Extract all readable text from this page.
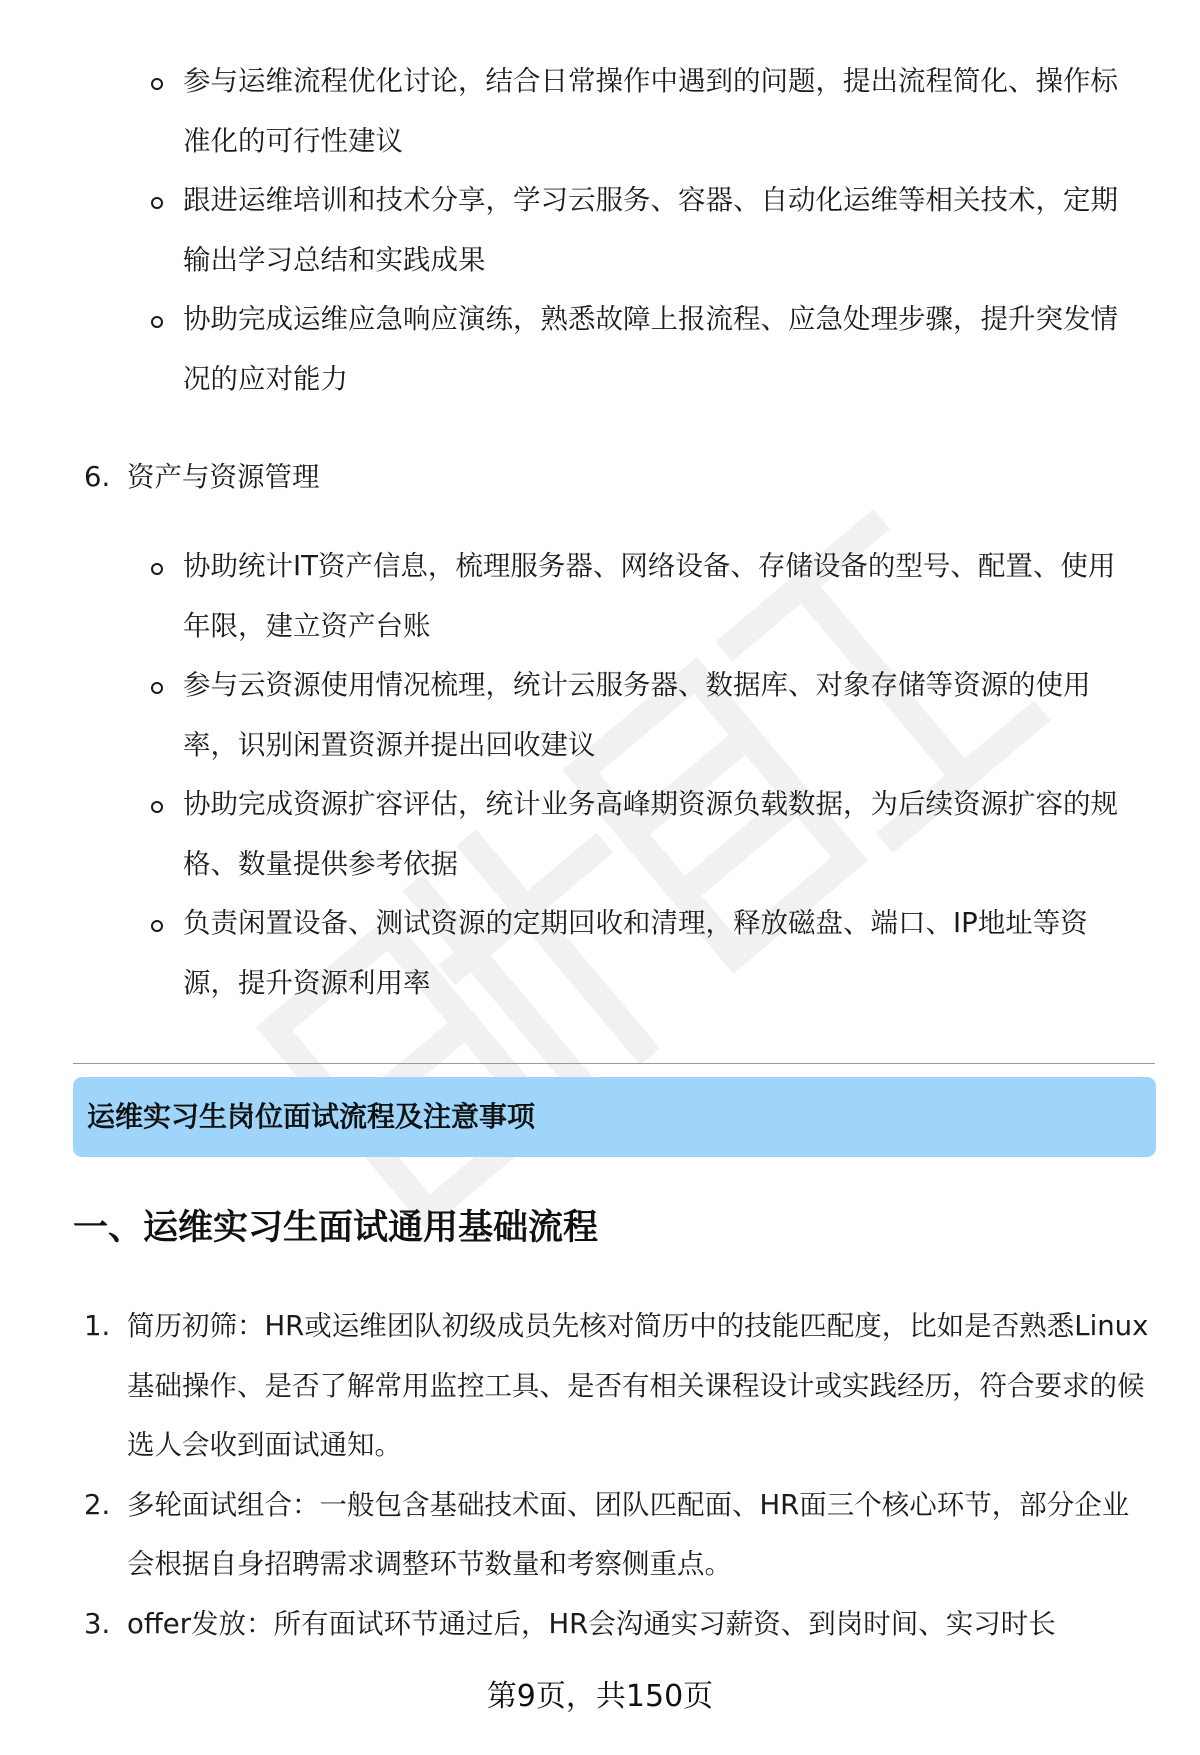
参与运维流程优化讨论，结合日常操作中遇到的问题，提出流程简化、操作标准化的可行性建议
跟进运维培训和技术分享，学习云服务、容器、自动化运维等相关技术，定期输出学习总结和实践成果
协助完成运维应急响应演练，熟悉故障上报流程、应急处理步骤，提升突发情况的应对能力
6. 资产与资源管理
协助统计IT资产信息，梳理服务器、网络设备、存储设备的型号、配置、使用年限，建立资产台账
参与云资源使用情况梳理，统计云服务器、数据库、对象存储等资源的使用率，识别闲置资源并提出回收建议
协助完成资源扩容评估，统计业务高峰期资源负载数据，为后续资源扩容的规格、数量提供参考依据
负责闲置设备、测试资源的定期回收和清理，释放磁盘、端口、IP地址等资源，提升资源利用率
运维实习生岗位面试流程及注意事项
一、运维实习生面试通用基础流程
1. 简历初筛：HR或运维团队初级成员先核对简历中的技能匹配度，比如是否熟悉Linux基础操作、是否了解常用监控工具、是否有相关课程设计或实践经历，符合要求的候选人会收到面试通知。
2. 多轮面试组合：一般包含基础技术面、团队匹配面、HR面三个核心环节，部分企业会根据自身招聘需求调整环节数量和考察侧重点。
3. offer发放：所有面试环节通过后，HR会沟通实习薪资、到岗时间、实习时长
第9页，共150页
